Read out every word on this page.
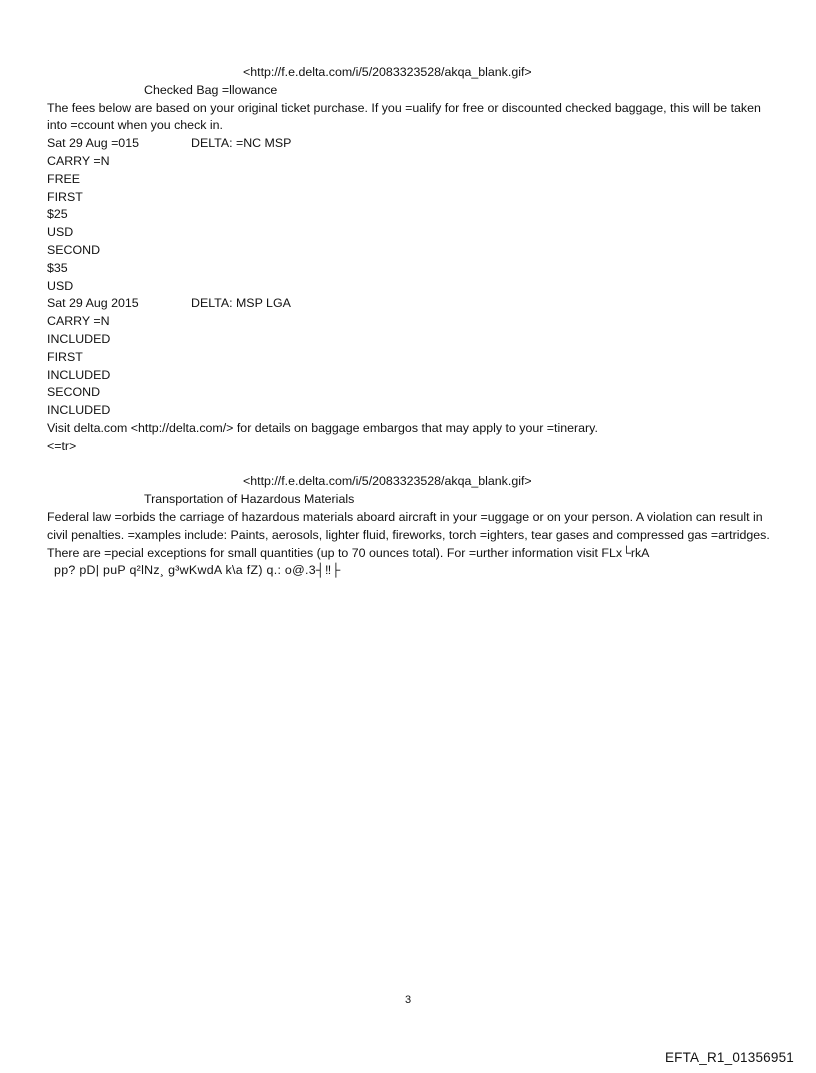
<http://f.e.delta.com/i/5/2083323528/akqa_blank.gif>
Checked Bag =llowance
The fees below are based on your original ticket purchase. If you =ualify for free or discounted checked baggage, this will be taken into =ccount when you check in.
Sat 29 Aug =015	DELTA: =NC MSP
CARRY =N
FREE
FIRST
$25
USD
SECOND
$35
USD
Sat 29 Aug 2015	DELTA: MSP LGA
CARRY =N
INCLUDED
FIRST
INCLUDED
SECOND
INCLUDED
Visit delta.com <http://delta.com/> for details on baggage embargos that may apply to your =tinerary.
<=tr>
<http://f.e.delta.com/i/5/2083323528/akqa_blank.gif>
Transportation of Hazardous Materials
Federal law =orbids the carriage of hazardous materials aboard aircraft in your =uggage or on your person. A violation can result in civil penalties. =xamples include: Paints, aerosols, lighter fluid, fireworks, torch =ighters, tear gases and compressed gas =artridges.
There are =pecial exceptions for small quantities (up to 70 ounces total). For =urther information visit FLx└rkA
pp? pD| puP q²lNz¸ g³wKwdA k\a fZ) q.: o@.3┤‼├
3
EFTA_R1_01356951
